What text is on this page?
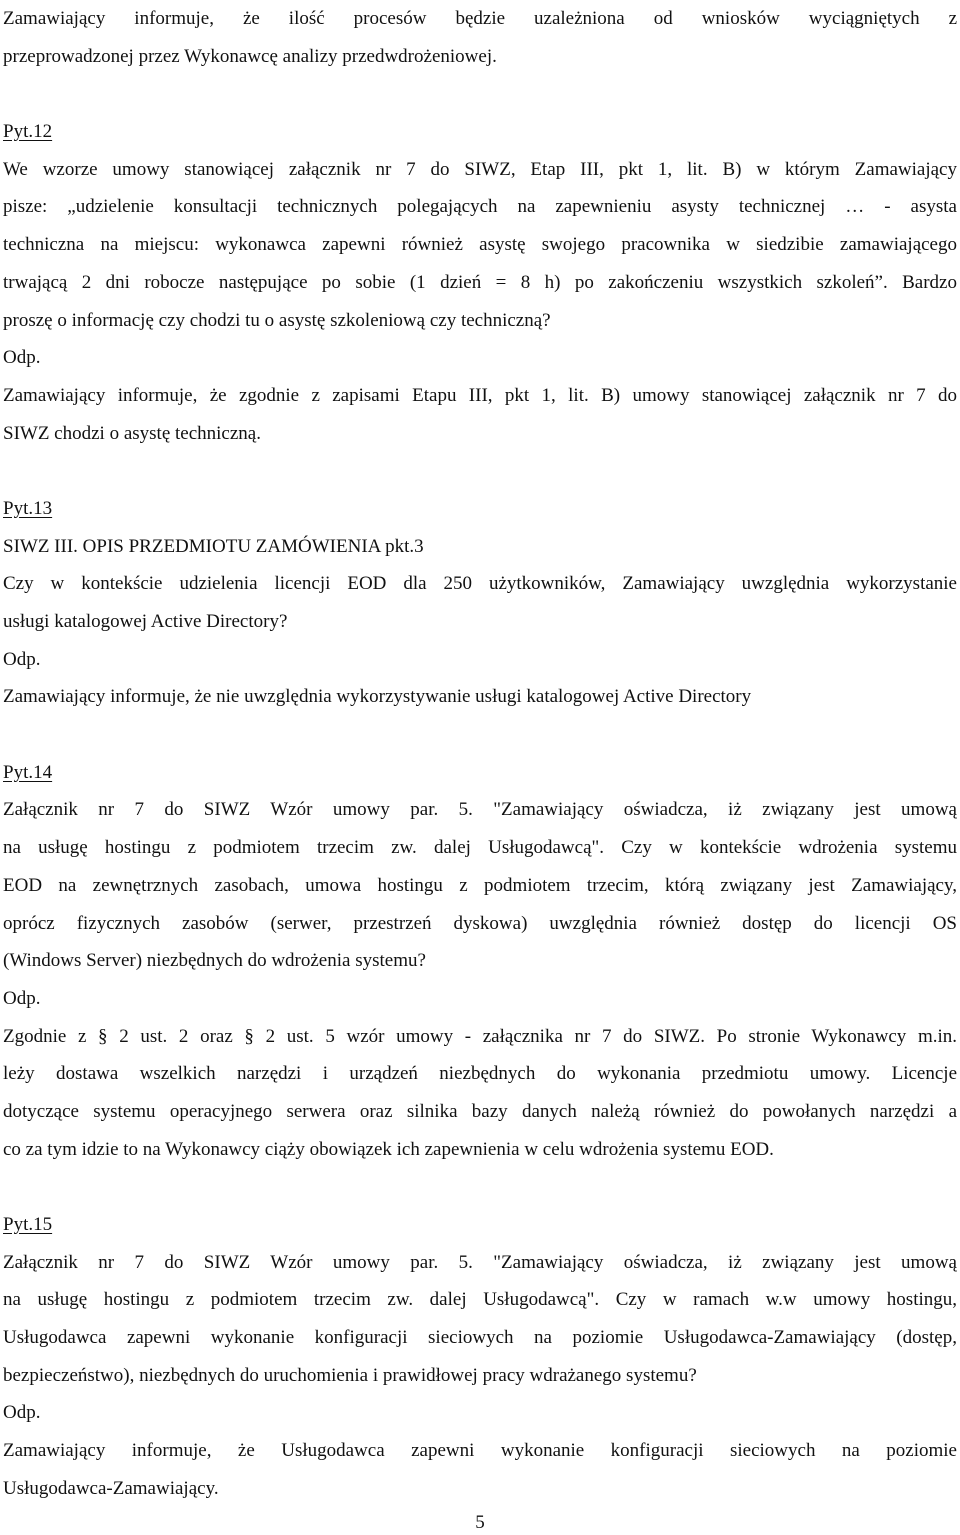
Zamawiający informuje, że ilość procesów będzie uzależniona od wniosków wyciągniętych z
przeprowadzonej przez Wykonawcę analizy przedwdrożeniowej.
Pyt.12
We wzorze umowy stanowiącej załącznik nr 7 do SIWZ, Etap III, pkt 1, lit. B) w którym Zamawiający
pisze: „udzielenie konsultacji technicznych polegających na zapewnieniu asysty technicznej … - asysta
techniczna na miejscu: wykonawca zapewni również asystę swojego pracownika w siedzibie zamawiającego
trwającą 2 dni robocze następujące po sobie (1 dzień = 8 h) po zakończeniu wszystkich szkoleń”. Bardzo
proszę o informację czy chodzi tu o asystę szkoleniową czy techniczną?
Odp.
Zamawiający informuje, że zgodnie z zapisami Etapu III, pkt 1, lit. B) umowy stanowiącej załącznik nr 7 do
SIWZ chodzi o asystę techniczną.
Pyt.13
SIWZ III. OPIS PRZEDMIOTU ZAMÓWIENIA pkt.3
Czy w kontekście udzielenia licencji EOD dla 250 użytkowników, Zamawiający uwzględnia wykorzystanie
usługi katalogowej Active Directory?
Odp.
Zamawiający informuje, że nie uwzględnia wykorzystywanie usługi katalogowej Active Directory
Pyt.14
Załącznik nr 7 do SIWZ Wzór umowy par. 5. "Zamawiający oświadcza, iż związany jest umową
na usługę hostingu z podmiotem trzecim zw. dalej Usługodawcą". Czy w kontekście wdrożenia systemu
EOD na zewnętrznych zasobach, umowa hostingu z podmiotem trzecim, którą związany jest Zamawiający,
oprócz fizycznych zasobów (serwer, przestrzeń dyskowa) uwzględnia również dostęp do licencji OS
(Windows Server) niezbędnych do wdrożenia systemu?
Odp.
Zgodnie z § 2 ust. 2 oraz § 2 ust. 5 wzór umowy - załącznika nr 7 do SIWZ. Po stronie Wykonawcy m.in.
leży dostawa wszelkich narzędzi i urządzeń niezbędnych do wykonania przedmiotu umowy. Licencje
dotyczące systemu operacyjnego serwera oraz silnika bazy danych należą również do powołanych narzędzi a
co za tym idzie to na Wykonawcy ciąży obowiązek ich zapewnienia w celu wdrożenia systemu EOD.
Pyt.15
Załącznik nr 7 do SIWZ Wzór umowy par. 5. "Zamawiający oświadcza, iż związany jest umową
na usługę hostingu z podmiotem trzecim zw. dalej Usługodawcą". Czy w ramach w.w umowy hostingu,
Usługodawca zapewni wykonanie konfiguracji sieciowych na poziomie Usługodawca-Zamawiający (dostęp,
bezpieczeństwo), niezbędnych do uruchomienia i prawidłowej pracy wdrażanego systemu?
Odp.
Zamawiający informuje, że Usługodawca zapewni wykonanie konfiguracji sieciowych na poziomie
Usługodawca-Zamawiający.
5
